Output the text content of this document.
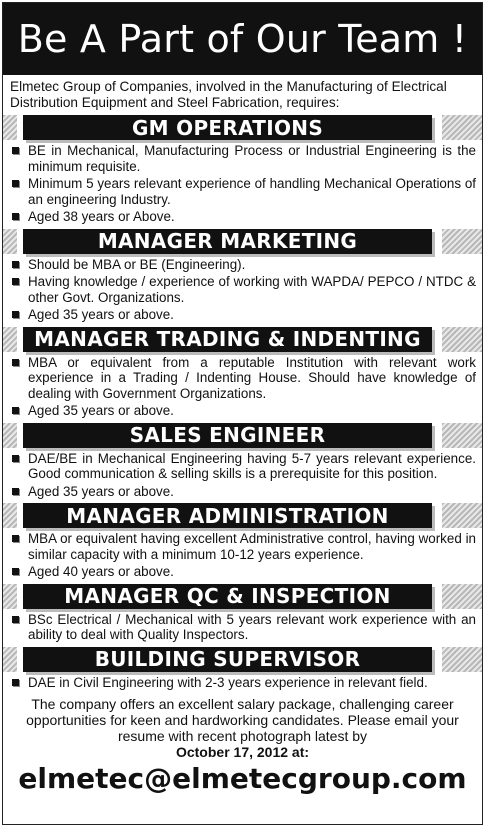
Be A Part of Our Team !
Elmetec Group of Companies, involved in the Manufacturing of Electrical Distribution Equipment and Steel Fabrication, requires:
GM OPERATIONS
BE in Mechanical, Manufacturing Process or Industrial Engineering is the minimum requisite.
Minimum 5 years relevant experience of handling Mechanical Operations of an engineering Industry.
Aged 38 years or Above.
MANAGER MARKETING
Should be MBA or BE (Engineering).
Having knowledge / experience of working with WAPDA/ PEPCO / NTDC & other Govt. Organizations.
Aged 35 years or above.
MANAGER TRADING & INDENTING
MBA or equivalent from a reputable Institution with relevant work experience in a Trading / Indenting House. Should have knowledge of dealing with Government Organizations.
Aged 35 years or above.
SALES ENGINEER
DAE/BE in Mechanical Engineering having 5-7 years relevant experience. Good communication & selling skills is a prerequisite for this position.
Aged 35 years or above.
MANAGER ADMINISTRATION
MBA or equivalent having excellent Administrative control, having worked in similar capacity with a minimum 10-12 years experience.
Aged 40 years or above.
MANAGER QC & INSPECTION
BSc Electrical / Mechanical with 5 years relevant work experience with an ability to deal with Quality Inspectors.
BUILDING SUPERVISOR
DAE in Civil Engineering with 2-3 years experience in relevant field.
The company offers an excellent salary package, challenging career opportunities for keen and hardworking candidates. Please email your resume with recent photograph latest by
October 17, 2012 at:
elmetec@elmetecgroup.com
